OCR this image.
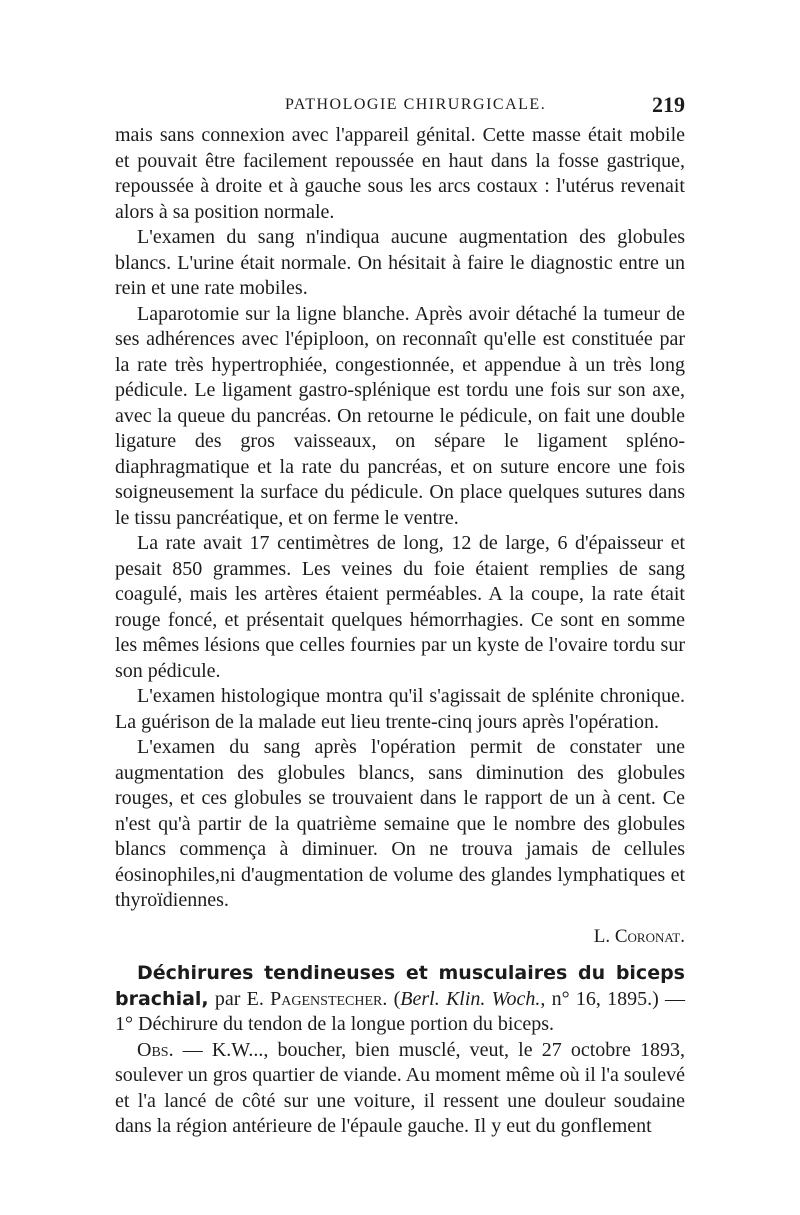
PATHOLOGIE CHIRURGICALE.	219

mais sans connexion avec l'appareil génital. Cette masse était mobile et pouvait être facilement repoussée en haut dans la fosse gastrique, repoussée à droite et à gauche sous les arcs costaux : l'utérus revenait alors à sa position normale.

L'examen du sang n'indiqua aucune augmentation des globules blancs. L'urine était normale. On hésitait à faire le diagnostic entre un rein et une rate mobiles.

Laparotomie sur la ligne blanche. Après avoir détaché la tumeur de ses adhérences avec l'épiploon, on reconnaît qu'elle est constituée par la rate très hypertrophiée, congestionnée, et appendue à un très long pédicule. Le ligament gastro-splénique est tordu une fois sur son axe, avec la queue du pancréas. On retourne le pédicule, on fait une double ligature des gros vaisseaux, on sépare le ligament spléno-diaphragmatique et la rate du pancréas, et on suture encore une fois soigneusement la surface du pédicule. On place quelques sutures dans le tissu pancréatique, et on ferme le ventre.

La rate avait 17 centimètres de long, 12 de large, 6 d'épaisseur et pesait 850 grammes. Les veines du foie étaient remplies de sang coagulé, mais les artères étaient perméables. A la coupe, la rate était rouge foncé, et présentait quelques hémorrhagies. Ce sont en somme les mêmes lésions que celles fournies par un kyste de l'ovaire tordu sur son pédicule.

L'examen histologique montra qu'il s'agissait de splénite chronique. La guérison de la malade eut lieu trente-cinq jours après l'opération.

L'examen du sang après l'opération permit de constater une augmentation des globules blancs, sans diminution des globules rouges, et ces globules se trouvaient dans le rapport de un à cent. Ce n'est qu'à partir de la quatrième semaine que le nombre des globules blancs commença à diminuer. On ne trouva jamais de cellules éosinophiles,ni d'augmentation de volume des glandes lymphatiques et thyroïdiennes.

L. Coronat.

Déchirures tendineuses et musculaires du biceps brachial, par E. Pagenstecher. (Berl. Klin. Woch., n° 16, 1895.) — 1° Déchirure du tendon de la longue portion du biceps.

Obs. — K.W..., boucher, bien musclé, veut, le 27 octobre 1893, soulever un gros quartier de viande. Au moment même où il l'a soulevé et l'a lancé de côté sur une voiture, il ressent une douleur soudaine dans la région antérieure de l'épaule gauche. Il y eut du gonflement
